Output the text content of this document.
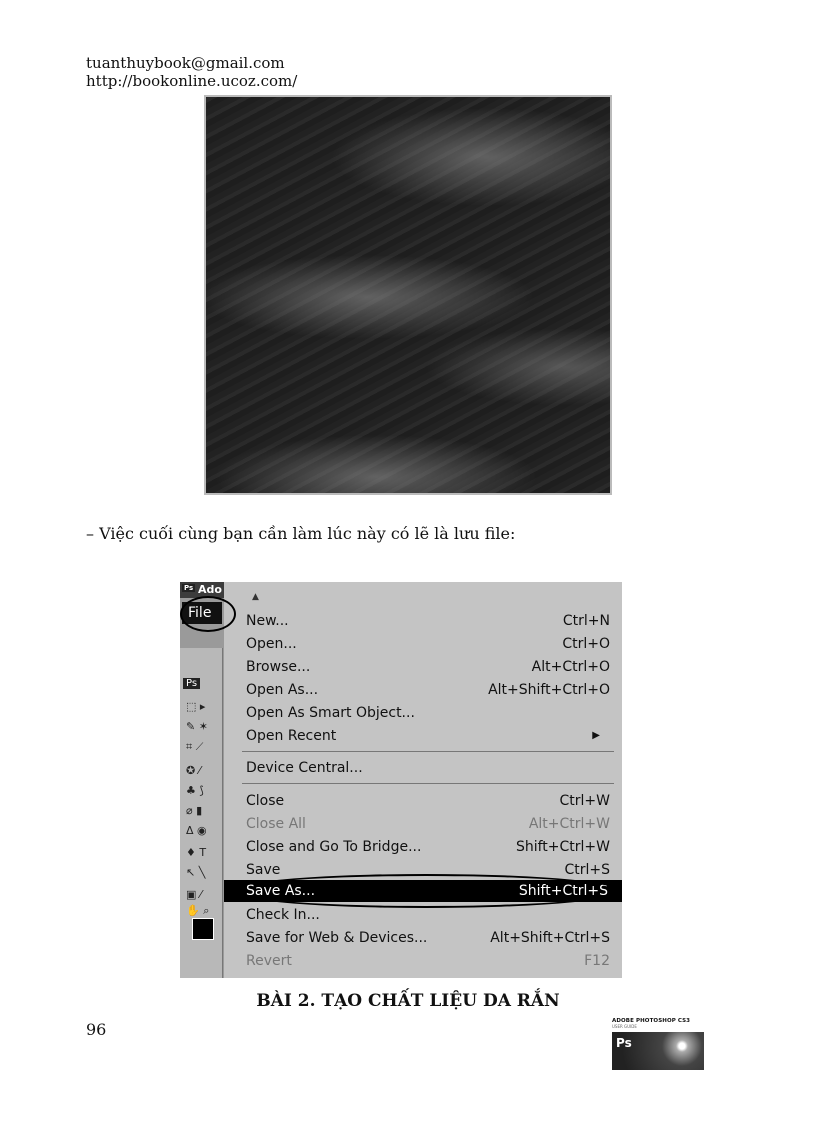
tuanthuybook@gmail.com
http://bookonline.ucoz.com/
– Việc cuối cùng bạn cần làm lúc này có lẽ là lưu file:
Ps Ado
Ps
⬚ ▸
✎ ✶
⌗ ⟋
✪ ⁄
♣ ⟆
⌀ ▮
Δ ◉
♦ T
↖ ╲
▣ ⁄
✋ ⌕
▲
New...	Ctrl+N
Open...	Ctrl+O
Browse...	Alt+Ctrl+O
Open As...	Alt+Shift+Ctrl+O
Open As Smart Object...
Open Recent	▶
Device Central...
Close	Ctrl+W
Close All	Alt+Ctrl+W
Close and Go To Bridge...	Shift+Ctrl+W
Save	Ctrl+S
Save As...	Shift+Ctrl+S
Check In...
Save for Web & Devices...	Alt+Shift+Ctrl+S
Revert	F12
File
BÀI 2. TẠO CHẤT LIỆU DA RẮN
96	ADOBE PHOTOSHOP CS3
USER GUIDE
Ps
